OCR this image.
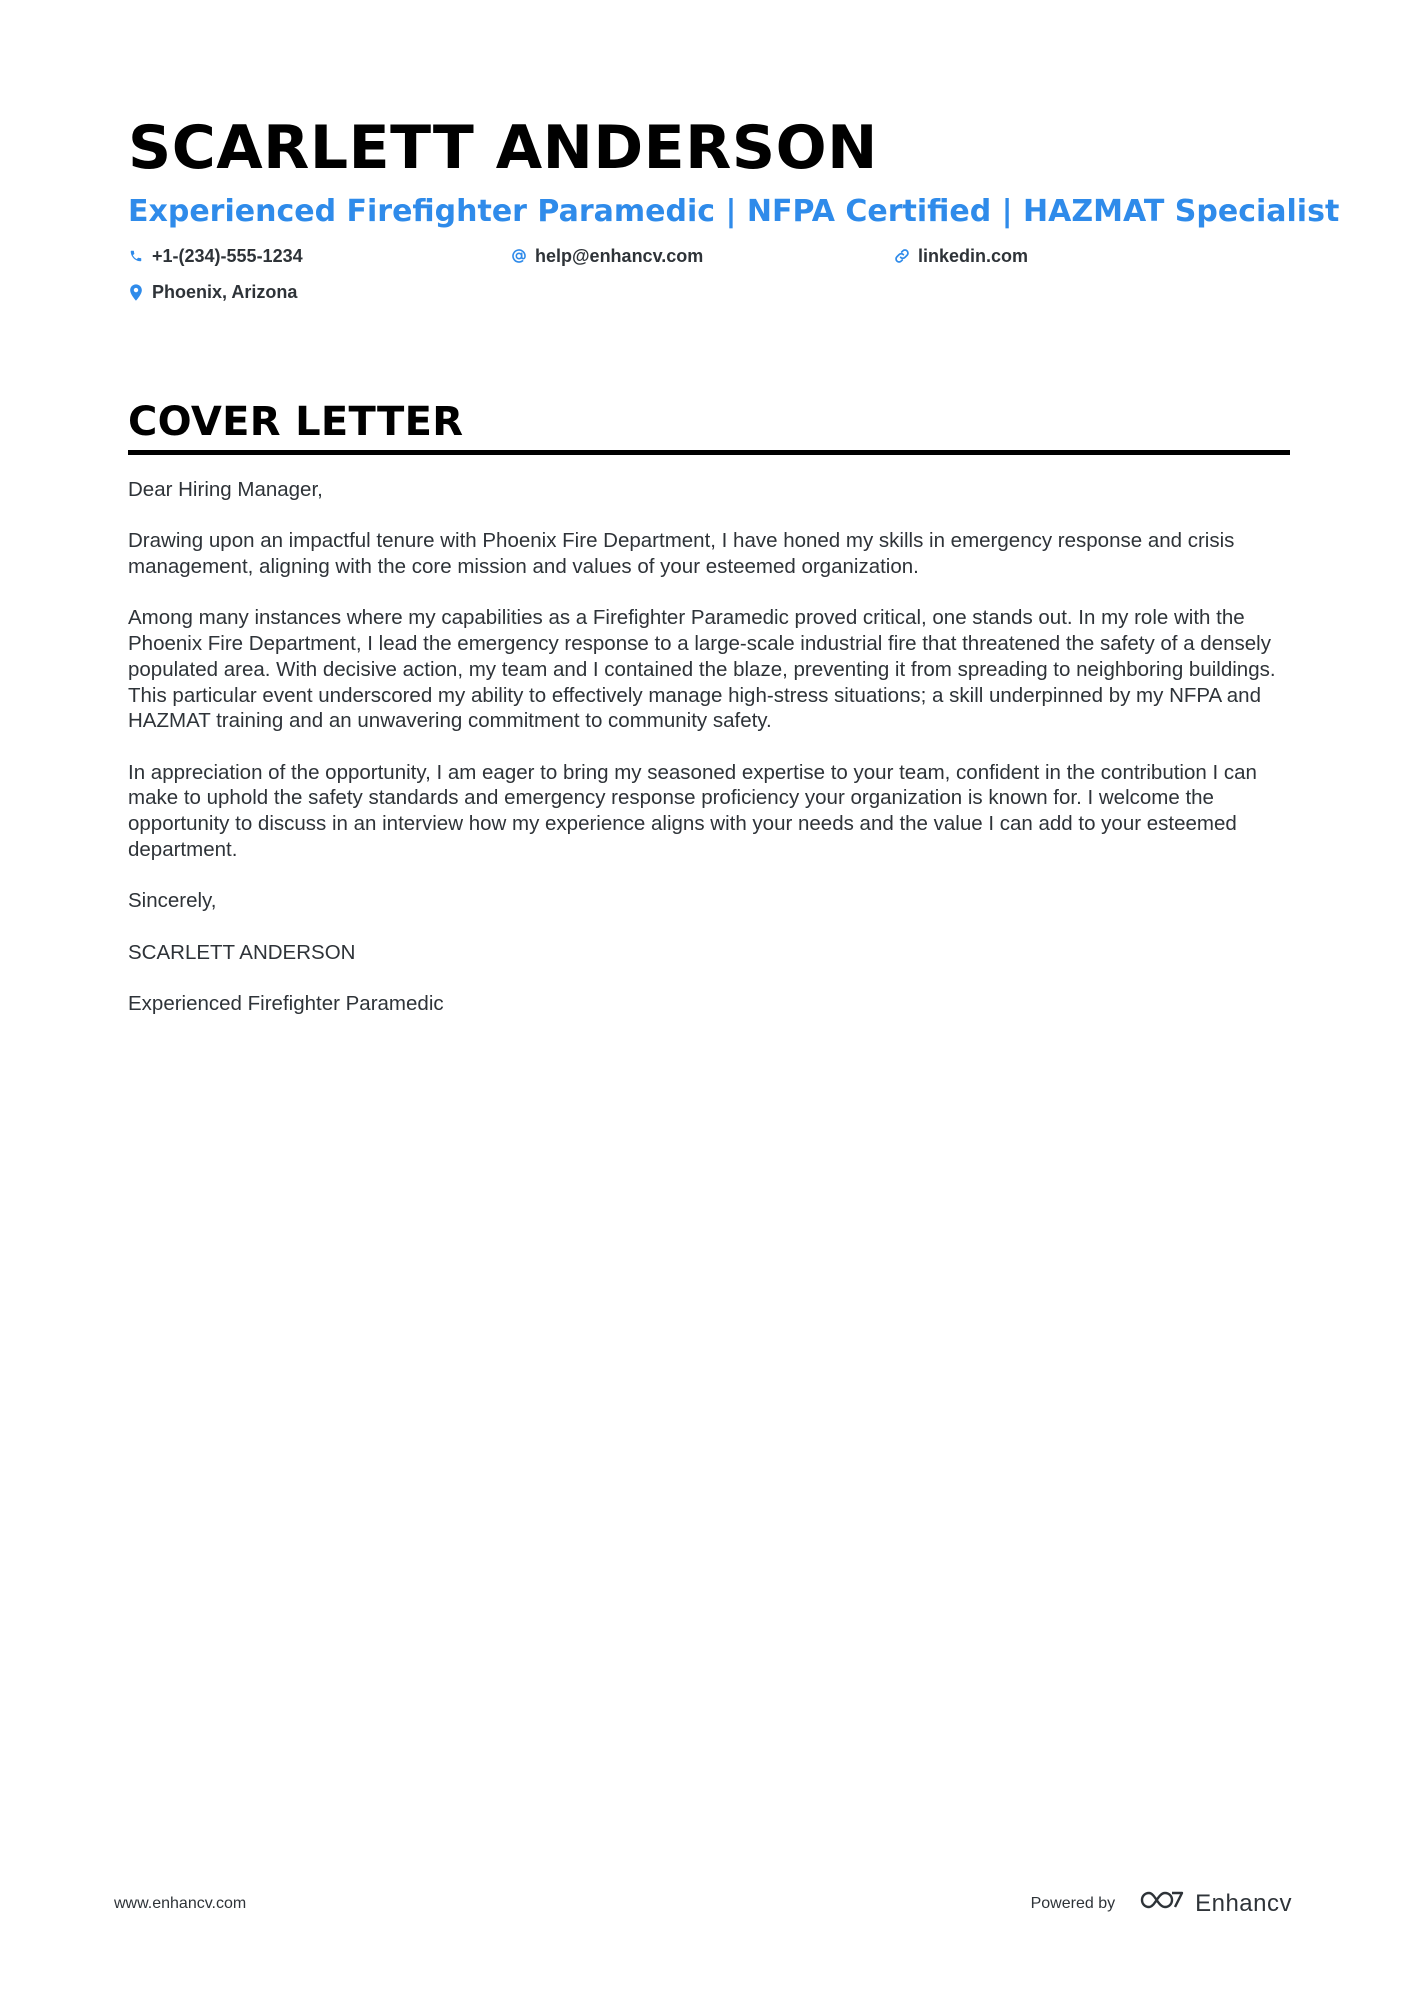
SCARLETT ANDERSON
Experienced Firefighter Paramedic | NFPA Certified | HAZMAT Specialist
+1-(234)-555-1234	help@enhancv.com	linkedin.com
Phoenix, Arizona
COVER LETTER

Dear Hiring Manager,

Drawing upon an impactful tenure with Phoenix Fire Department, I have honed my skills in emergency response and crisis management, aligning with the core mission and values of your esteemed organization.

Among many instances where my capabilities as a Firefighter Paramedic proved critical, one stands out. In my role with the Phoenix Fire Department, I lead the emergency response to a large-scale industrial fire that threatened the safety of a densely populated area. With decisive action, my team and I contained the blaze, preventing it from spreading to neighboring buildings. This particular event underscored my ability to effectively manage high-stress situations; a skill underpinned by my NFPA and HAZMAT training and an unwavering commitment to community safety.

In appreciation of the opportunity, I am eager to bring my seasoned expertise to your team, confident in the contribution I can make to uphold the safety standards and emergency response proficiency your organization is known for. I welcome the opportunity to discuss in an interview how my experience aligns with your needs and the value I can add to your esteemed department.

Sincerely,

SCARLETT ANDERSON

Experienced Firefighter Paramedic

www.enhancv.com	Powered by	Enhancv
